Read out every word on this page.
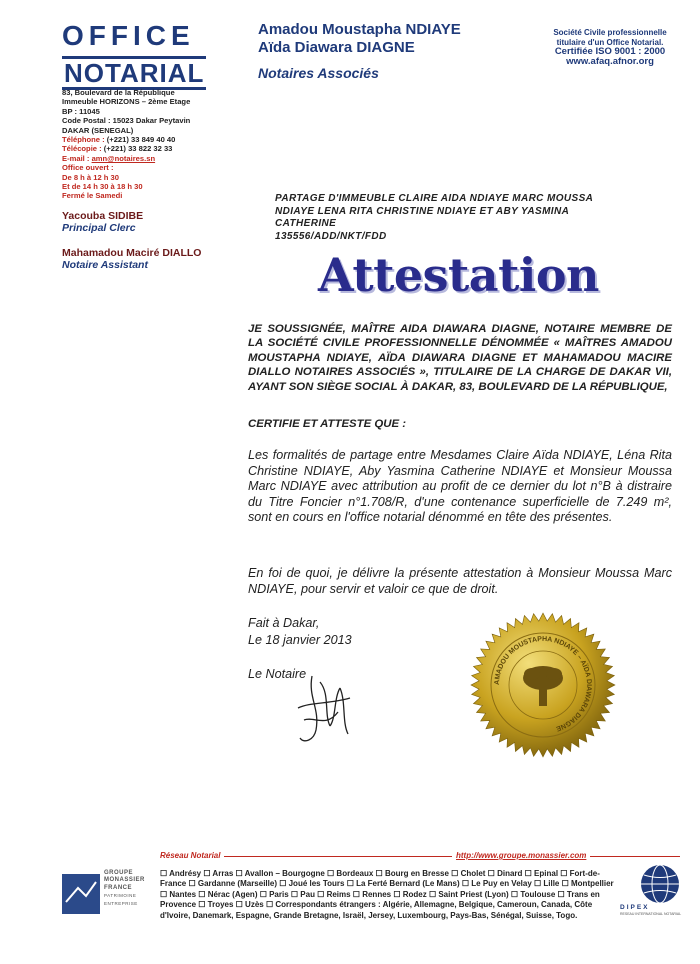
OFFICE
NOTARIAL
83, Boulevard de la République
Immeuble HORIZONS – 2ème Etage
BP : 11045
Code Postal : 15023 Dakar Peytavin
DAKAR (SENEGAL)
Téléphone : (+221) 33 849 40 40
Télécopie : (+221) 33 822 32 33
E-mail : amn@notaires.sn
Office ouvert :
De 8 h à 12 h 30
Et de 14 h 30 à 18 h 30
Fermé le Samedi
Yacouba SIDIBE
Principal Clerc
Mahamadou Maciré DIALLO
Notaire Assistant
Amadou Moustapha NDIAYE
Aïda Diawara DIAGNE
Notaires Associés
Société Civile professionnelle
titulaire d'un Office Notarial.
Certifiée ISO 9001 : 2000
www.afaq.afnor.org
PARTAGE D'IMMEUBLE CLAIRE AIDA NDIAYE MARC MOUSSA
NDIAYE LENA RITA CHRISTINE NDIAYE ET ABY YASMINA
CATHERINE
135556/ADD/NKT/FDD
Attestation
JE SOUSSIGNÉE, MAÎTRE AIDA DIAWARA DIAGNE, NOTAIRE MEMBRE DE LA SOCIÉTÉ CIVILE PROFESSIONNELLE DÉNOMMÉE « MAÎTRES AMADOU MOUSTAPHA NDIAYE, AÏDA DIAWARA DIAGNE ET MAHAMADOU MACIRE DIALLO NOTAIRES ASSOCIÉS », TITULAIRE DE LA CHARGE DE DAKAR VII, AYANT SON SIÈGE SOCIAL À DAKAR, 83, BOULEVARD DE LA RÉPUBLIQUE,
CERTIFIE ET ATTESTE QUE :
Les formalités de partage entre Mesdames Claire Aïda NDIAYE, Léna Rita Christine NDIAYE, Aby Yasmina Catherine NDIAYE et Monsieur Moussa Marc NDIAYE avec attribution au profit de ce dernier du lot n°B à distraire du Titre Foncier n°1.708/R, d'une contenance superficielle de 7.249 m², sont en cours en l'office notarial dénommé en tête des présentes.
En foi de quoi, je délivre la présente attestation à Monsieur Moussa Marc NDIAYE, pour servir et valoir ce que de droit.
Fait à Dakar,
Le 18 janvier 2013
Le Notaire
AMADOU MOUSTAPHA NDIAYE – AÏDA DIAWARA DIAGNE
Réseau Notarial	http://www.groupe.monassier.com
☐ Andrésy ☐ Arras ☐ Avallon – Bourgogne ☐ Bordeaux ☐ Bourg en Bresse ☐ Cholet ☐ Dinard ☐ Epinal ☐ Fort-de-France ☐ Gardanne (Marseille) ☐ Joué les Tours ☐ La Ferté Bernard (Le Mans) ☐ Le Puy en Velay ☐ Lille ☐ Montpellier ☐ Nantes ☐ Nérac (Agen) ☐ Paris ☐ Pau ☐ Reims ☐ Rennes ☐ Rodez ☐ Saint Priest (Lyon) ☐ Toulouse ☐ Trans en Provence ☐ Troyes ☐ Uzès ☐ Correspondants étrangers : Algérie, Allemagne, Belgique, Cameroun, Canada, Côte d'Ivoire, Danemark, Espagne, Grande Bretagne, Israël, Jersey, Luxembourg, Pays-Bas, Sénégal, Suisse, Togo.
GROUPE
MONASSIER
FRANCE
PATRIMOINE
ENTREPRISE
DIPEX
RESEAU INTERNATIONAL NOTARIAL
